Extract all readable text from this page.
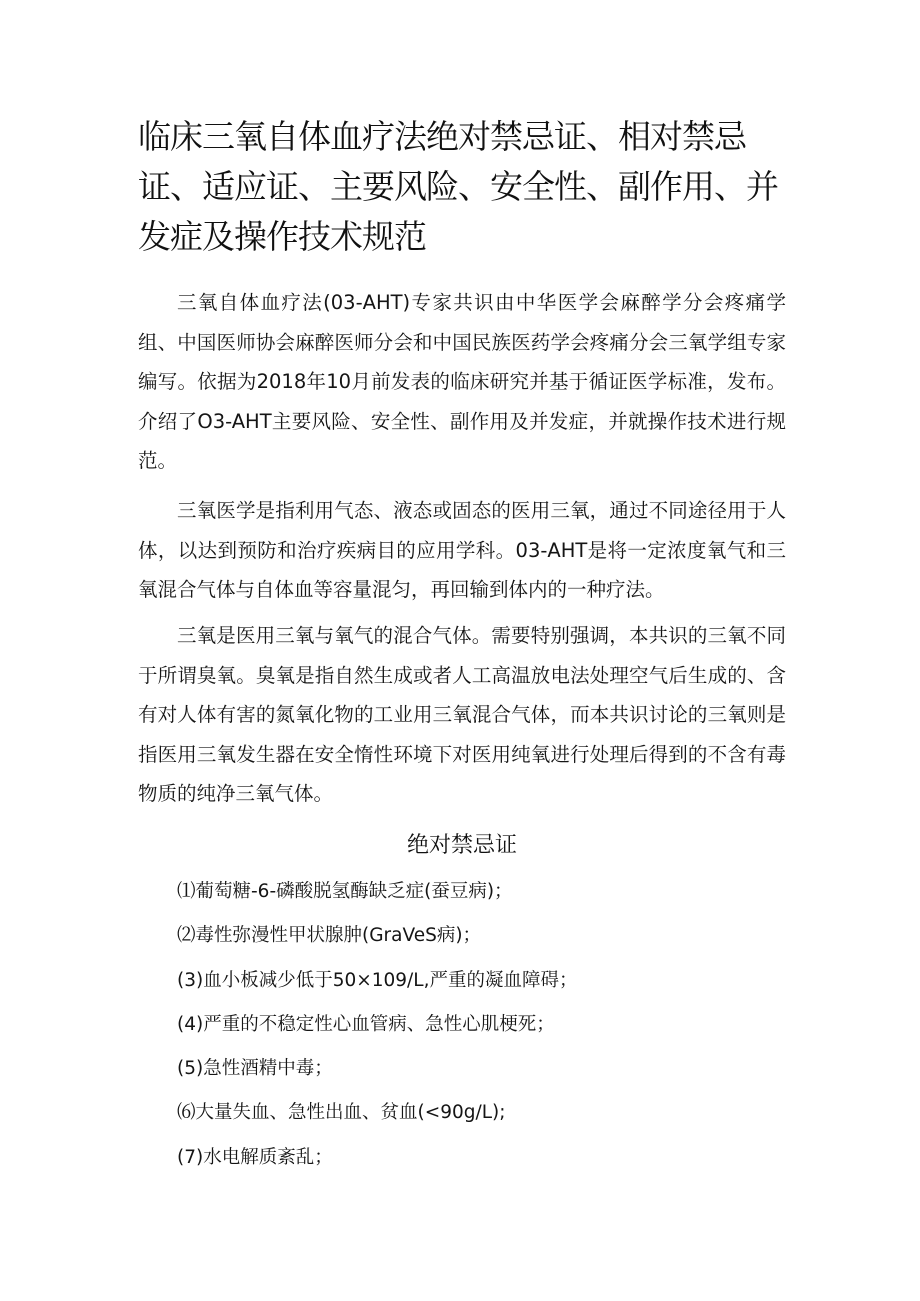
临床三氧自体血疗法绝对禁忌证、相对禁忌证、适应证、主要风险、安全性、副作用、并发症及操作技术规范

三氧自体血疗法(03-AHT)专家共识由中华医学会麻醉学分会疼痛学组、中国医师协会麻醉医师分会和中国民族医药学会疼痛分会三氧学组专家编写。依据为2018年10月前发表的临床研究并基于循证医学标准，发布。介绍了O3-AHT主要风险、安全性、副作用及并发症，并就操作技术进行规范。

三氧医学是指利用气态、液态或固态的医用三氧，通过不同途径用于人体，以达到预防和治疗疾病目的应用学科。03-AHT是将一定浓度氧气和三氧混合气体与自体血等容量混匀，再回输到体内的一种疗法。

三氧是医用三氧与氧气的混合气体。需要特别强调，本共识的三氧不同于所谓臭氧。臭氧是指自然生成或者人工高温放电法处理空气后生成的、含有对人体有害的氮氧化物的工业用三氧混合气体，而本共识讨论的三氧则是指医用三氧发生器在安全惰性环境下对医用纯氧进行处理后得到的不含有毒物质的纯净三氧气体。

绝对禁忌证
⑴葡萄糖-6-磷酸脱氢酶缺乏症(蚕豆病)；
⑵毒性弥漫性甲状腺肿(GraVeS病)；
(3)血小板减少低于50×109∕L,严重的凝血障碍；
(4)严重的不稳定性心血管病、急性心肌梗死；
(5)急性酒精中毒；
⑹大量失血、急性出血、贫血(<90g∕L);
(7)水电解质紊乱；
